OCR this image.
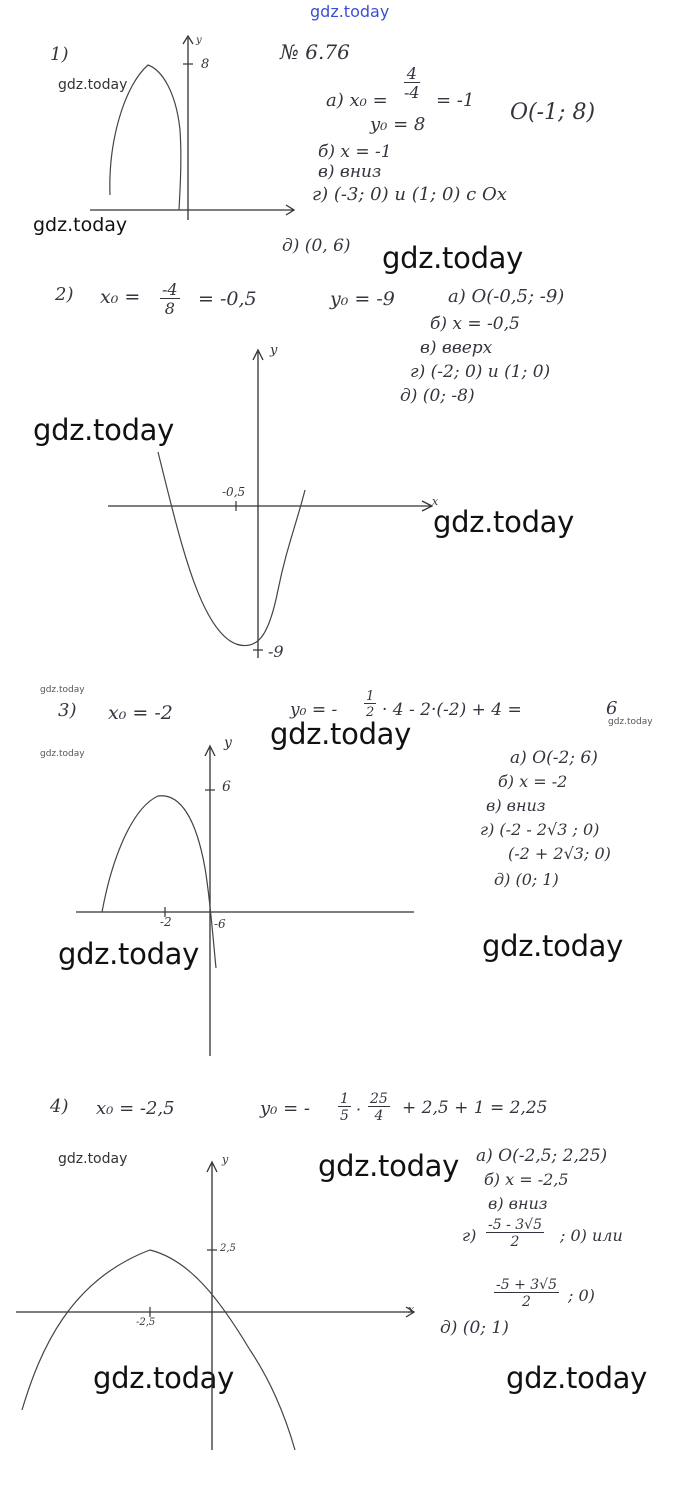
gdz.today
gdz.today
gdz.today
gdz.today
gdz.today
gdz.today
gdz.today
gdz.today
gdz.today
gdz.today
gdz.today	gdz.today
gdz.today	gdz.today
gdz.today	gdz.today
№ 6.76
1)
y
8
a) $x_0 = \frac{4}{-4} = -1$ O(-1; 8)
y₀ = 8
б) x = -1
в) вниз
г) (-3; 0) и (1; 0) с Ox
д) (0, 6)
2) $x_0 = \frac{-4}{8} = -0,5$	y₀ = -9	а) O(-0,5; -9)
б) x = -0,5
в) вверх
г) (-2; 0) и (1; 0)
д) (0; -8)
y
x
-0,5
-9
3) x₀ = -2	y₀ = - $\frac{1}{2} \cdot 4 - 2\cdot(-2) + 4$ =	6
а) O(-2; 6)
б) x = -2
в) вниз
г) (-2 - 2√3 ; 0)
(-2 + 2√3; 0)
д) (0; 1)
y
6
-2	-6
4) x₀ = -2,5	y₀ = - $\frac{1}{5} \cdot \frac{25}{4} + 2,5 + 1 = 2,25$
а) O(-2,5; 2,25)
б) x = -2,5
в) вниз
$г) \frac{-5 - 3√5}{2}$ ; 0) или
$\frac{-5 + 3√5}{2}$ ; 0)
д) (0; 1)
y
x
2,5
-2,5
